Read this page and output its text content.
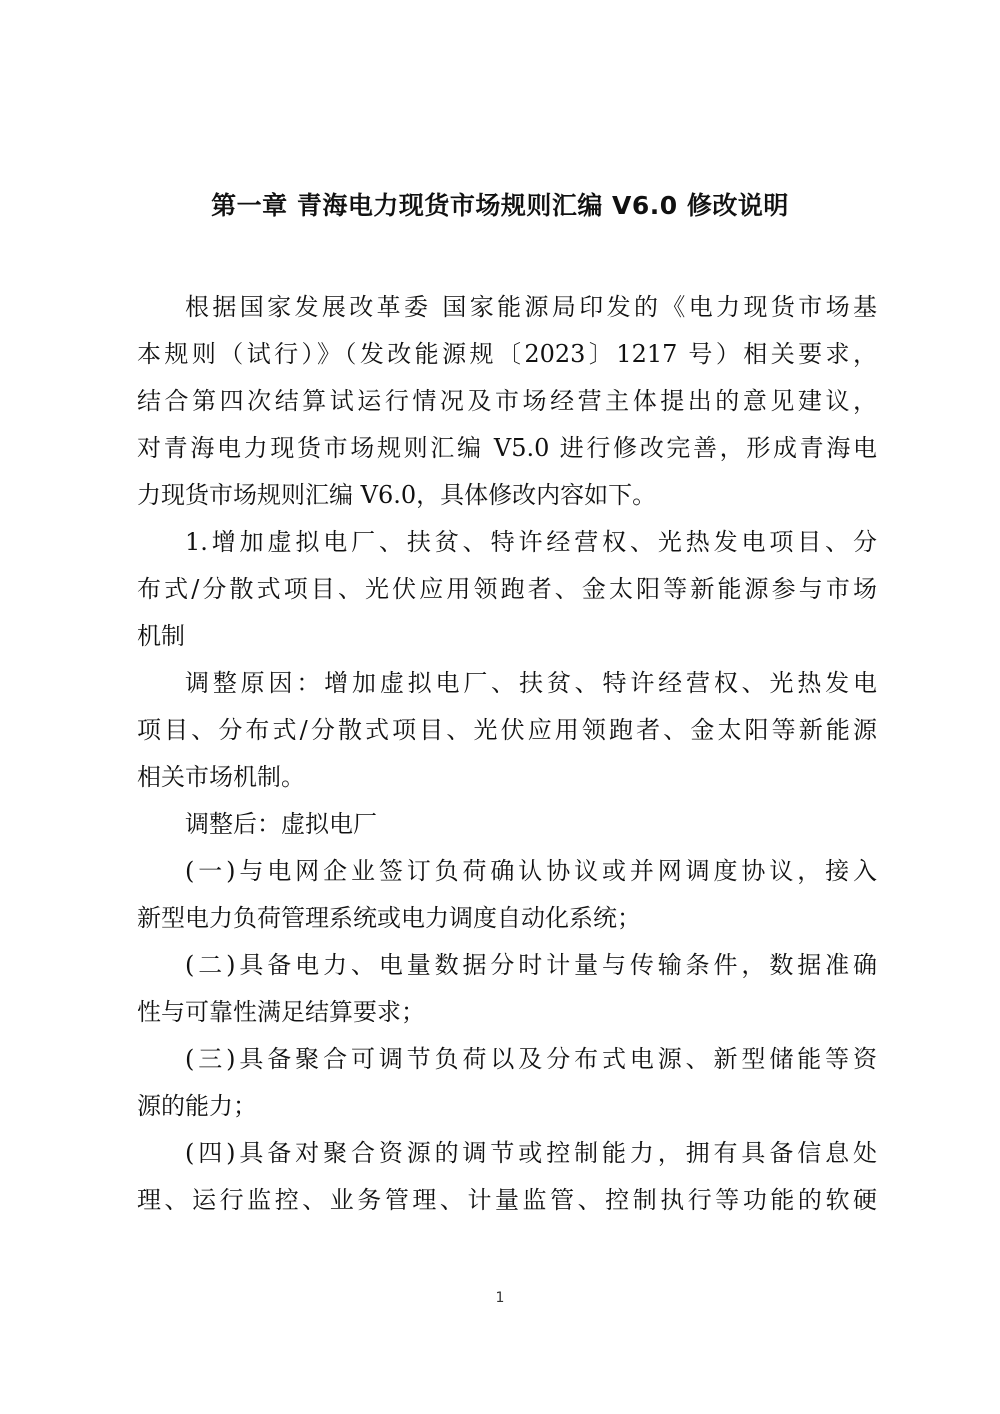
第一章 青海电力现货市场规则汇编 V6.0 修改说明
根据国家发展改革委 国家能源局印发的《电力现货市场基
本规则（试行）》（发改能源规〔2023〕1217 号）相关要求，
结合第四次结算试运行情况及市场经营主体提出的意见建议，
对青海电力现货市场规则汇编 V5.0 进行修改完善，形成青海电
力现货市场规则汇编 V6.0，具体修改内容如下。
1.增加虚拟电厂、扶贫、特许经营权、光热发电项目、分
布式/分散式项目、光伏应用领跑者、金太阳等新能源参与市场
机制
调整原因：增加虚拟电厂、扶贫、特许经营权、光热发电
项目、分布式/分散式项目、光伏应用领跑者、金太阳等新能源
相关市场机制。
调整后：虚拟电厂
(一)与电网企业签订负荷确认协议或并网调度协议，接入
新型电力负荷管理系统或电力调度自动化系统；
(二)具备电力、电量数据分时计量与传输条件，数据准确
性与可靠性满足结算要求；
(三)具备聚合可调节负荷以及分布式电源、新型储能等资
源的能力；
(四)具备对聚合资源的调节或控制能力，拥有具备信息处
理、运行监控、业务管理、计量监管、控制执行等功能的软硬
1
